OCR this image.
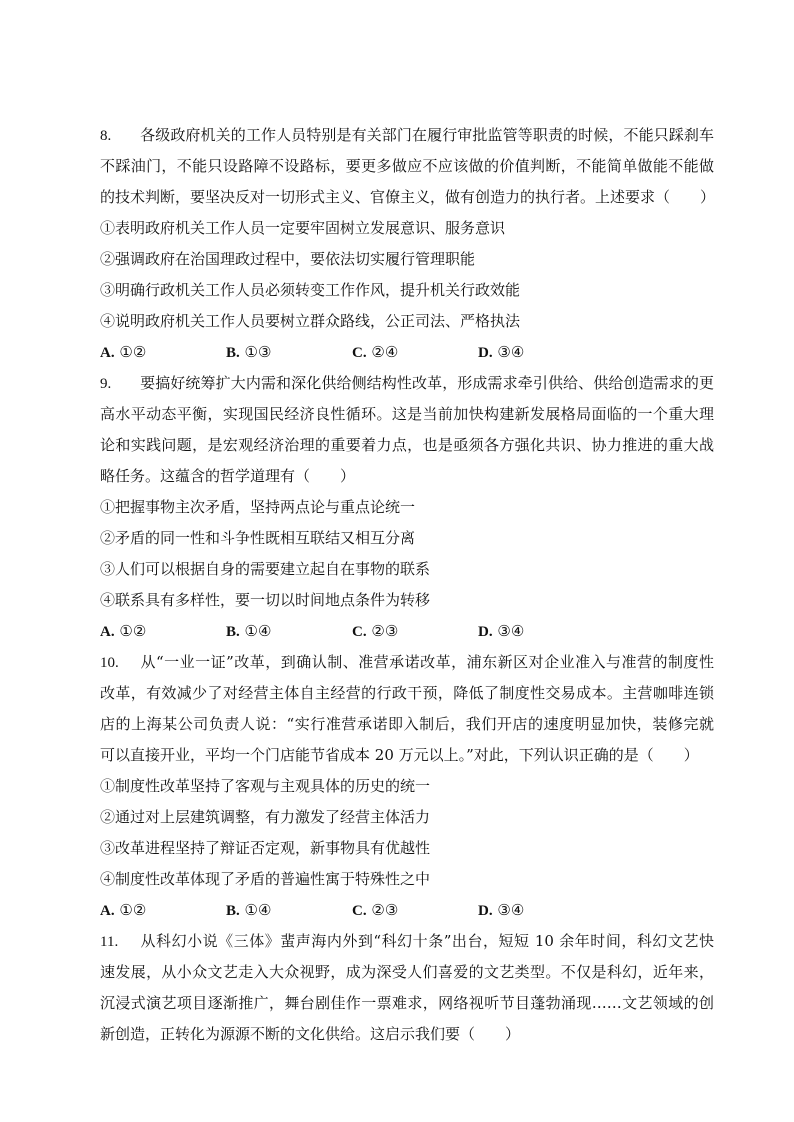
8. 各级政府机关的工作人员特别是有关部门在履行审批监管等职责的时候，不能只踩刹车
不踩油门，不能只设路障不设路标，要更多做应不应该做的价值判断，不能简单做能不能做
的技术判断，要坚决反对一切形式主义、官僚主义，做有创造力的执行者。上述要求（　　）
①表明政府机关工作人员一定要牢固树立发展意识、服务意识
②强调政府在治国理政过程中，要依法切实履行管理职能
③明确行政机关工作人员必须转变工作作风，提升机关行政效能
④说明政府机关工作人员要树立群众路线，公正司法、严格执法
A. ①②	B. ①③	C. ②④	D. ③④
9. 要搞好统筹扩大内需和深化供给侧结构性改革，形成需求牵引供给、供给创造需求的更
高水平动态平衡，实现国民经济良性循环。这是当前加快构建新发展格局面临的一个重大理
论和实践问题，是宏观经济治理的重要着力点，也是亟须各方强化共识、协力推进的重大战
略任务。这蕴含的哲学道理有（　　）
①把握事物主次矛盾，坚持两点论与重点论统一
②矛盾的同一性和斗争性既相互联结又相互分离
③人们可以根据自身的需要建立起自在事物的联系
④联系具有多样性，要一切以时间地点条件为转移
A. ①②	B. ①④	C. ②③	D. ③④
10. 从“一业一证”改革，到确认制、准营承诺改革，浦东新区对企业准入与准营的制度性
改革，有效减少了对经营主体自主经营的行政干预，降低了制度性交易成本。主营咖啡连锁
店的上海某公司负责人说：“实行准营承诺即入制后，我们开店的速度明显加快，装修完就
可以直接开业，平均一个门店能节省成本 20 万元以上。”对此，下列认识正确的是（　　）
①制度性改革坚持了客观与主观具体的历史的统一
②通过对上层建筑调整，有力激发了经营主体活力
③改革进程坚持了辩证否定观，新事物具有优越性
④制度性改革体现了矛盾的普遍性寓于特殊性之中
A. ①②	B. ①④	C. ②③	D. ③④
11. 从科幻小说《三体》蜚声海内外到“科幻十条”出台，短短 10 余年时间，科幻文艺快
速发展，从小众文艺走入大众视野，成为深受人们喜爱的文艺类型。不仅是科幻，近年来，
沉浸式演艺项目逐渐推广，舞台剧佳作一票难求，网络视听节目蓬勃涌现……文艺领域的创
新创造，正转化为源源不断的文化供给。这启示我们要（　　）
